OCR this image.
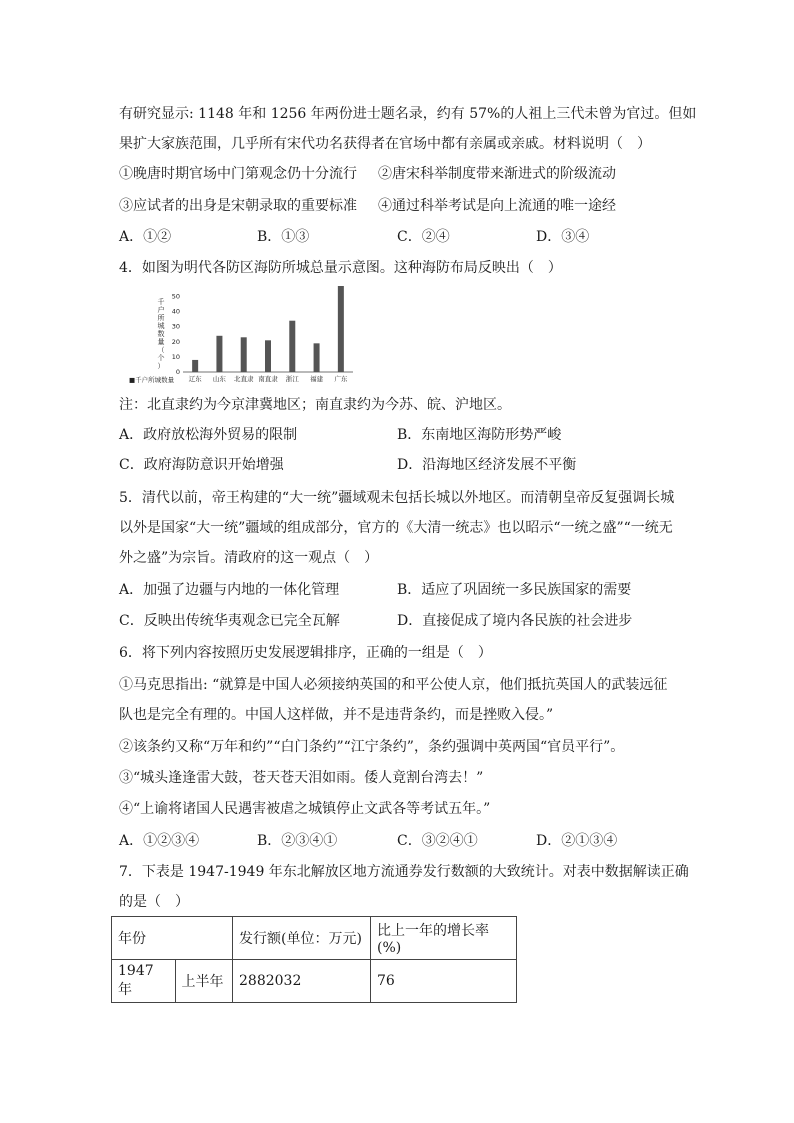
有研究显示: 1148 年和 1256 年两份进士题名录，约有 57%的人祖上三代未曾为官过。但如
果扩大家族范围，几乎所有宋代功名获得者在官场中都有亲属或亲戚。材料说明（　）
①晚唐时期官场中门第观念仍十分流行 ②唐宋科举制度带来渐进式的阶级流动
③应试者的出身是宋朝录取的重要标准 ④通过科举考试是向上流通的唯一途经
A．①②	B．①③	C．②④	D．③④
4．如图为明代各防区海防所城总量示意图。这种海防布局反映出（　）
千
户
所
城
数
量
（
个
）
0
10
20
30
40
50
辽东 山东 北直隶 南直隶 浙江 福建 广东
■千户所城数量
注：北直隶约为今京津冀地区；南直隶约为今苏、皖、沪地区。
A．政府放松海外贸易的限制	B．东南地区海防形势严峻
C．政府海防意识开始增强	D．沿海地区经济发展不平衡
5．清代以前，帝王构建的“大一统”疆域观未包括长城以外地区。而清朝皇帝反复强调长城
以外是国家“大一统”疆域的组成部分，官方的《大清一统志》也以昭示“一统之盛”“一统无
外之盛”为宗旨。清政府的这一观点（　）
A．加强了边疆与内地的一体化管理	B．适应了巩固统一多民族国家的需要
C．反映出传统华夷观念已完全瓦解	D．直接促成了境内各民族的社会进步
6．将下列内容按照历史发展逻辑排序，正确的一组是（　）
①马克思指出: “就算是中国人必须接纳英国的和平公使人京，他们抵抗英国人的武装远征
队也是完全有理的。中国人这样做，并不是违背条约，而是挫败入侵。”
②该条约又称“万年和约”“白门条约”“江宁条约”，条约强调中英两国“官员平行”。
③“城头逢逢雷大鼓，苍天苍天泪如雨。倭人竟割台湾去！”
④“上谕将诸国人民遇害被虐之城镇停止文武各等考试五年。”
A．①②③④	B．②③④①	C．③②④①	D．②①③④
7．下表是 1947-1949 年东北解放区地方流通券发行数额的大致统计。对表中数据解读正确
的是（　）
年份		发行额(单位：万元)	比上一年的增长率(%)
1947 年	上半年	2882032	76
